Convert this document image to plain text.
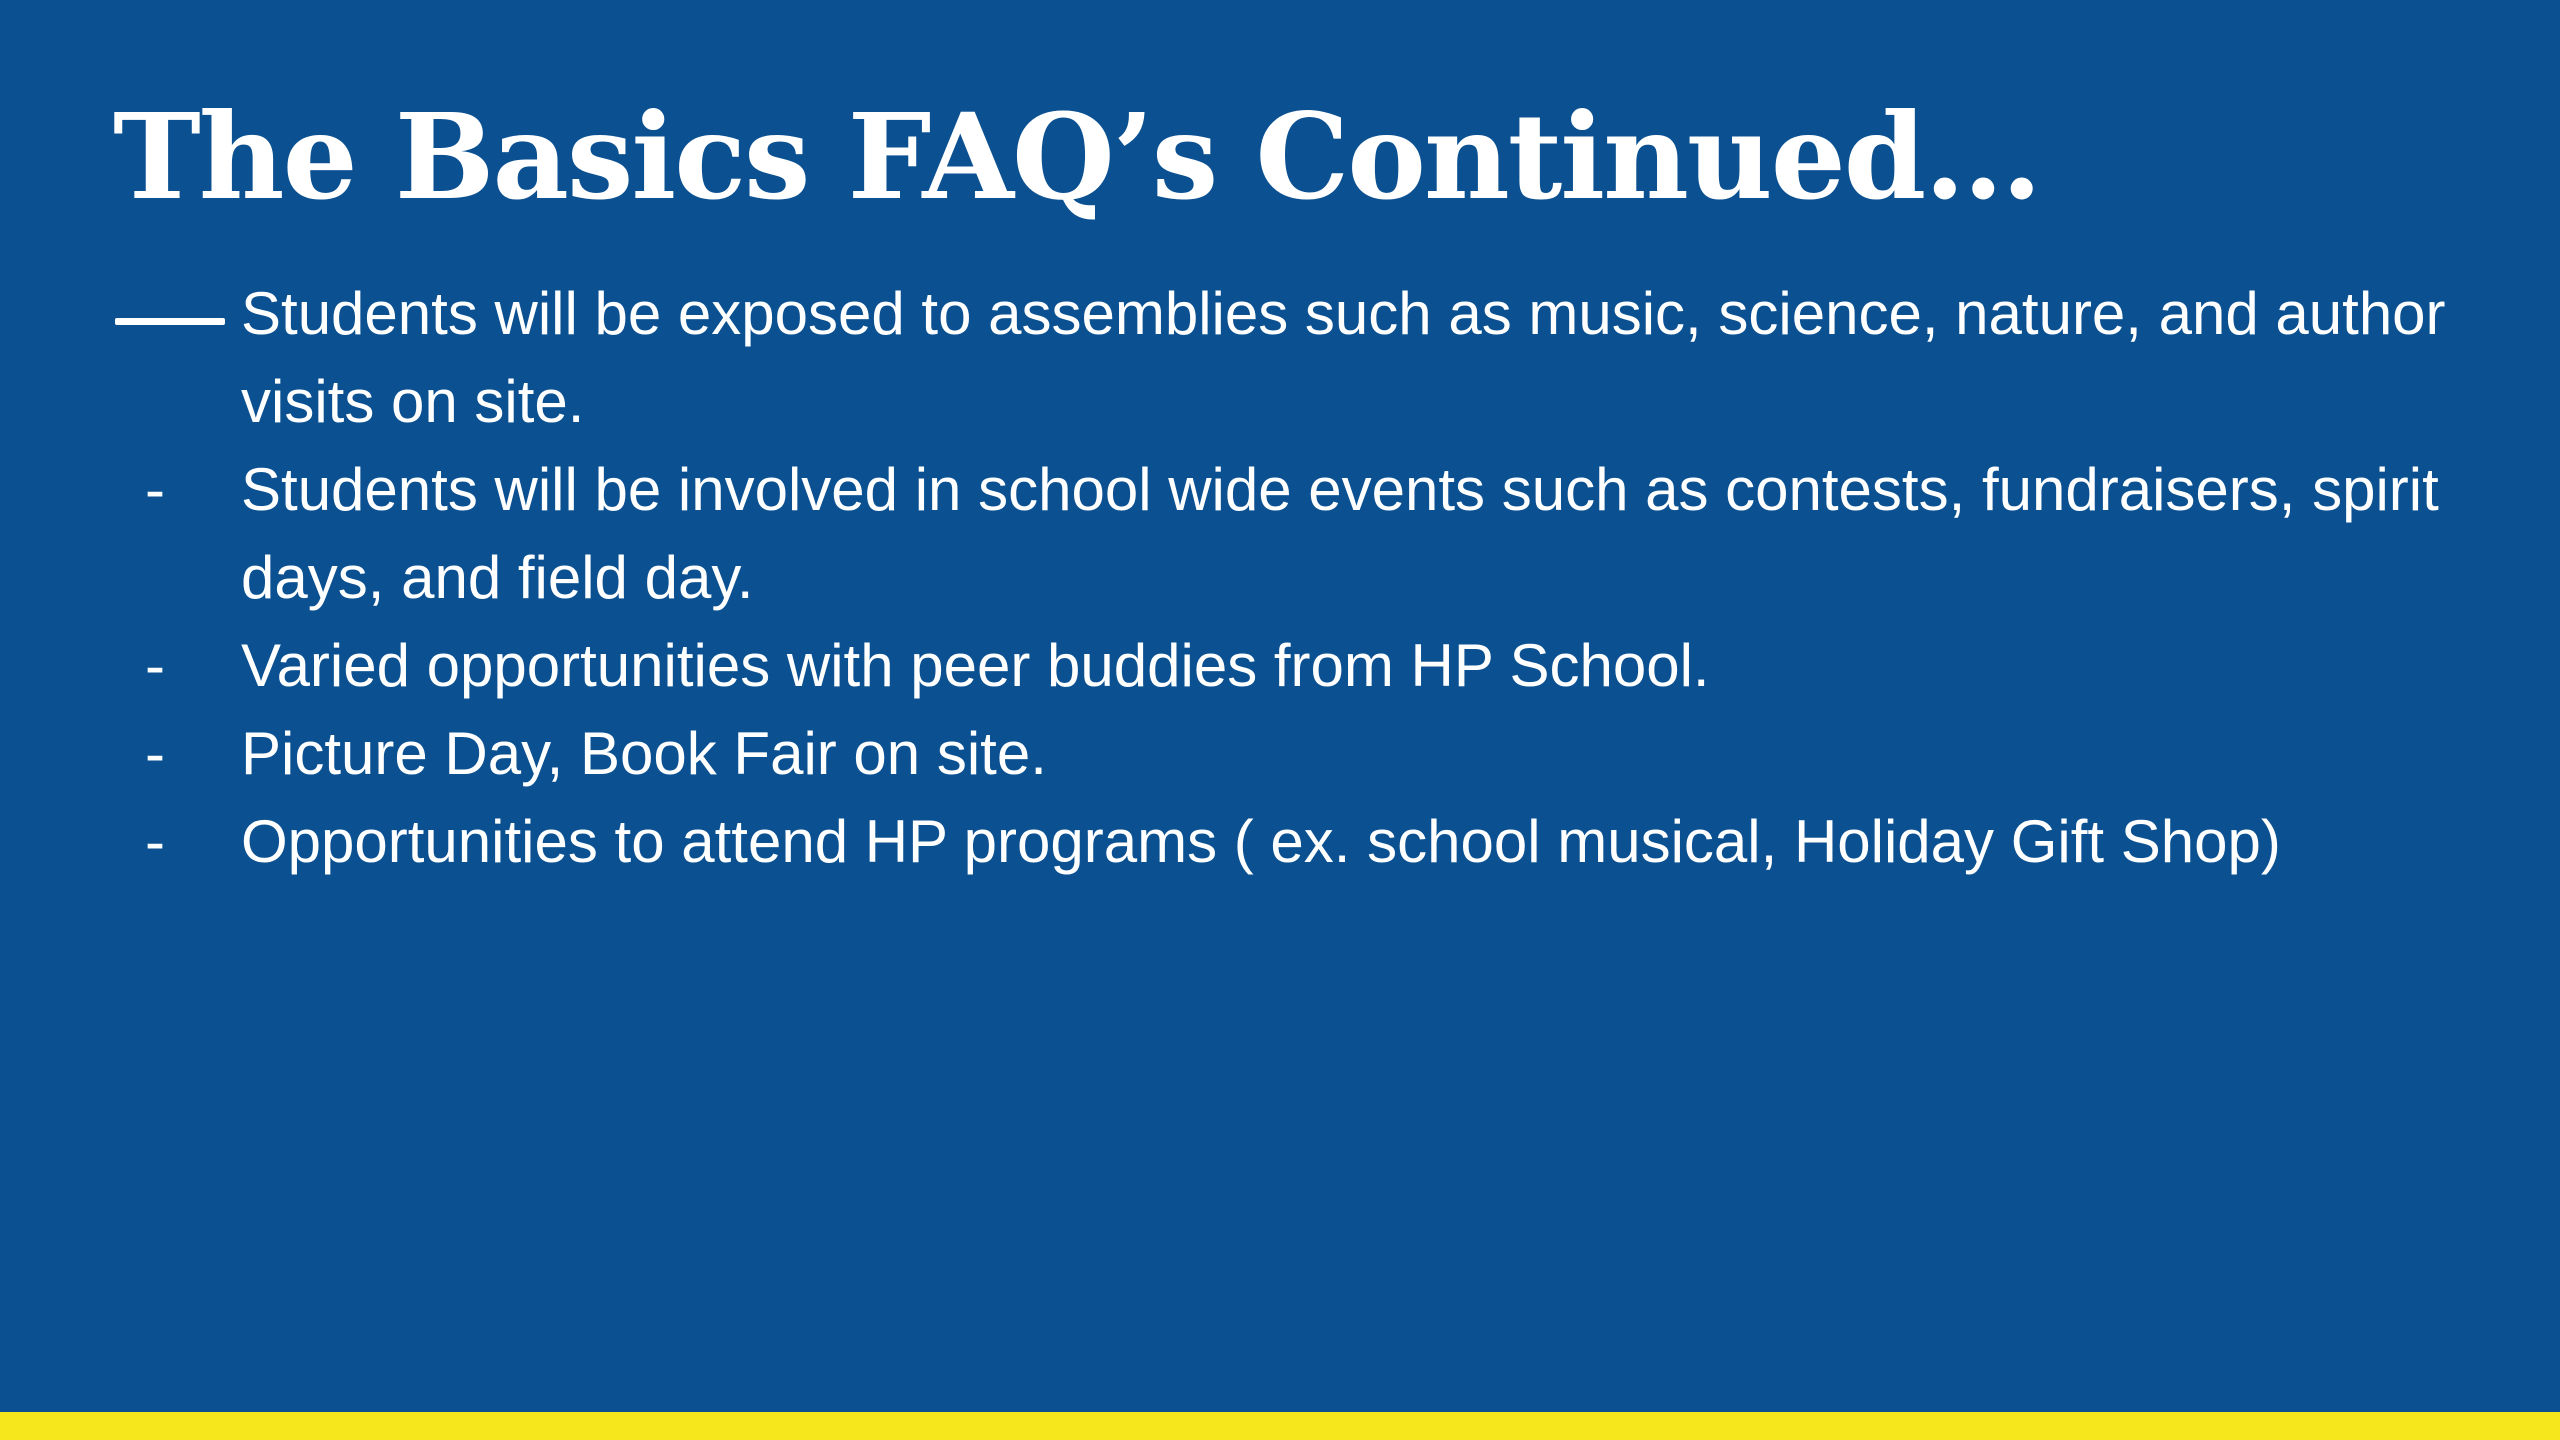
The Basics FAQ’s Continued…
Students will be exposed to assemblies such as music, science, nature, and author visits on site.
-	Students will be involved in school wide events such as contests, fundraisers, spirit days, and field day.
-	Varied opportunities with peer buddies from HP School.
-	Picture Day, Book Fair on site.
-	Opportunities to attend HP programs ( ex. school musical, Holiday Gift Shop)
